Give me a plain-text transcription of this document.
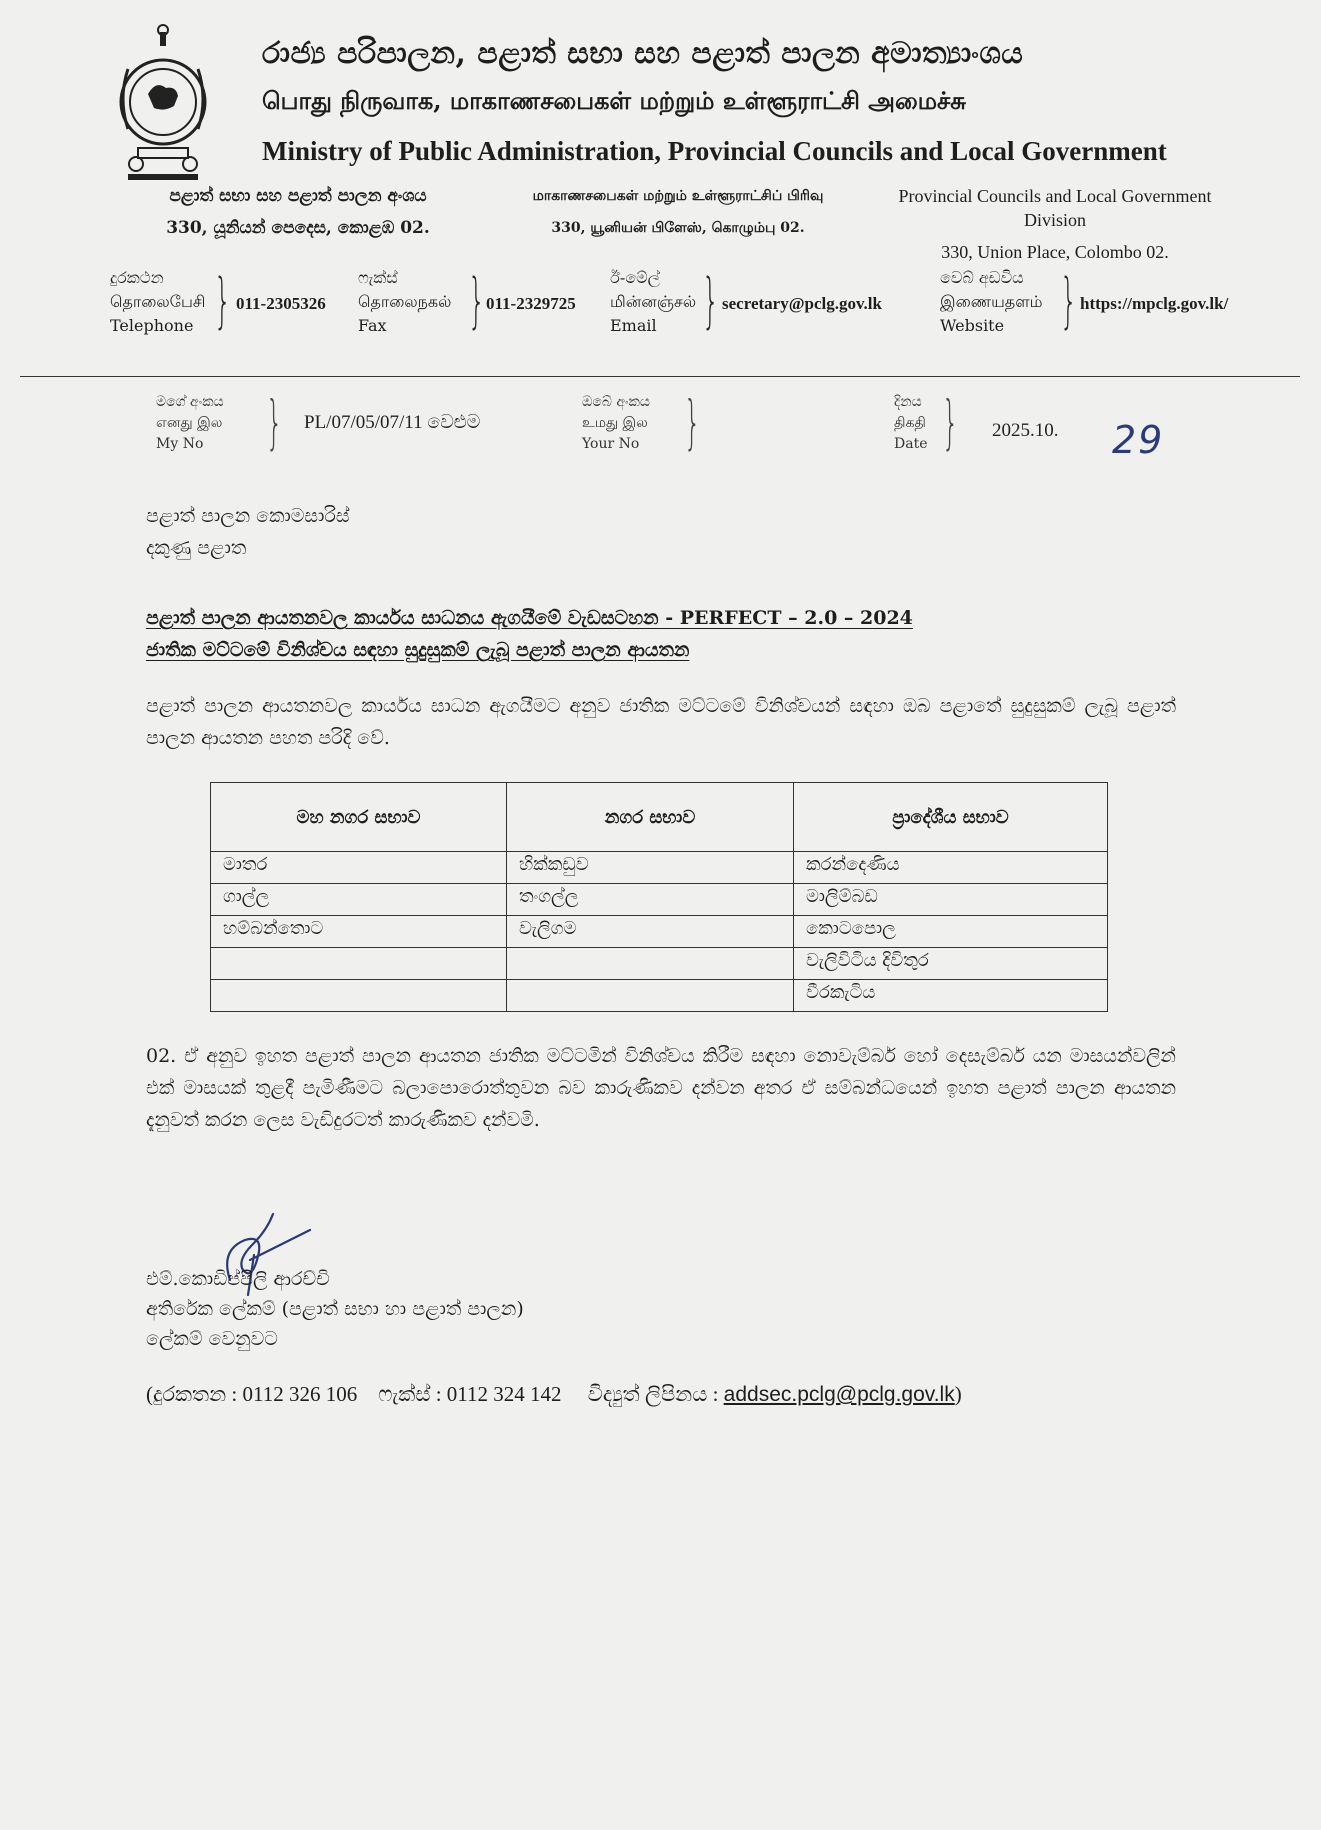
රාජ්‍ය පරිපාලන, පළාත් සභා සහ පළාත් පාලන අමාත්‍යාංශය
பொது நிருவாக, மாகாணசபைகள் மற்றும் உள்ளூராட்சி அமைச்சு
Ministry of Public Administration, Provincial Councils and Local Government
පළාත් සභා සහ පළාත් පාලන අංශය
330, යූනියන් පෙදෙස, කොළඹ 02.
மாகாணசபைகள் மற்றும் உள்ளூராட்சிப் பிரிவு
330, யூனியன் பிளேஸ், கொழும்பு 02.
Provincial Councils and Local Government Division
330, Union Place, Colombo 02.
දුරකථන
தொலைபேசி
Telephone } 011-2305326
ෆැක්ස්
தொலைநகல்
Fax	} 011-2329725
ඊ-මේල්
மின்னஞ்சல்
Email } secretary@pclg.gov.lk
වෙබ් අඩවිය
இணையதளம்
Website } https://mpclg.gov.lk/
මගේ අංකය
எனது இல
My No	} PL/07/05/07/11 වෙළුම
ඔබේ අංකය
உமது இல
Your No }	දිනය
திகதி
Date } 2025.10. 29
පළාත් පාලන කොමසාරිස්
දකුණු පළාත
පළාත් පාලන ආයතනවල කාර්යය සාධනය ඇගයීමේ වැඩසටහන - PERFECT – 2.0 – 2024
ජාතික මට්ටමේ විනිශ්චය සඳහා සුදුසුකම් ලැබූ පළාත් පාලන ආයතන
පළාත් පාලන ආයතනවල කාර්යය සාධන ඇගයීමට අනුව ජාතික මට්ටමේ විනිශ්චයන් සඳහා ඔබ පළාතේ සුදුසුකම් ලැබූ පළාත් පාලන ආයතන පහත පරිදි වේ.
මහ නගර සභාව	නගර සභාව	ප්‍රාදේශීය සභාව
මාතර	හික්කඩුව	කරන්දෙණිය
ගාල්ල	තංගල්ල	මාලිම්බඩ
හම්බන්තොට	වැලිගම	කොටපොල
		වැලිවිටිය දිවිතුර
		වීරකැටිය
02. ඒ අනුව ඉහත පළාත් පාලන ආයතන ජාතික මට්ටමින් විනිශ්චය කිරීම සඳහා නොවැම්බර් හෝ දෙසැම්බර් යන මාසයන්වලින් එක් මාසයක් තුළදී පැමිණීමට බලාපොරොත්තුවන බව කාරුණිකව දන්වන අතර ඒ සම්බන්ධයෙන් ඉහත පළාත් පාලන ආයතන දැනුවත් කරන ලෙස වැඩිදුරටත් කාරුණිකව දන්වමි.
එම්.කොඩිප්පිලි ආරච්චි
අතිරේක ලේකම් (පළාත් සභා හා පළාත් පාලන)
ලේකම් වෙනුවට
(දුරකතන : 0112 326 106 ෆැක්ස් : 0112 324 142 විද්‍යුත් ලිපිනය : addsec.pclg@pclg.gov.lk)
